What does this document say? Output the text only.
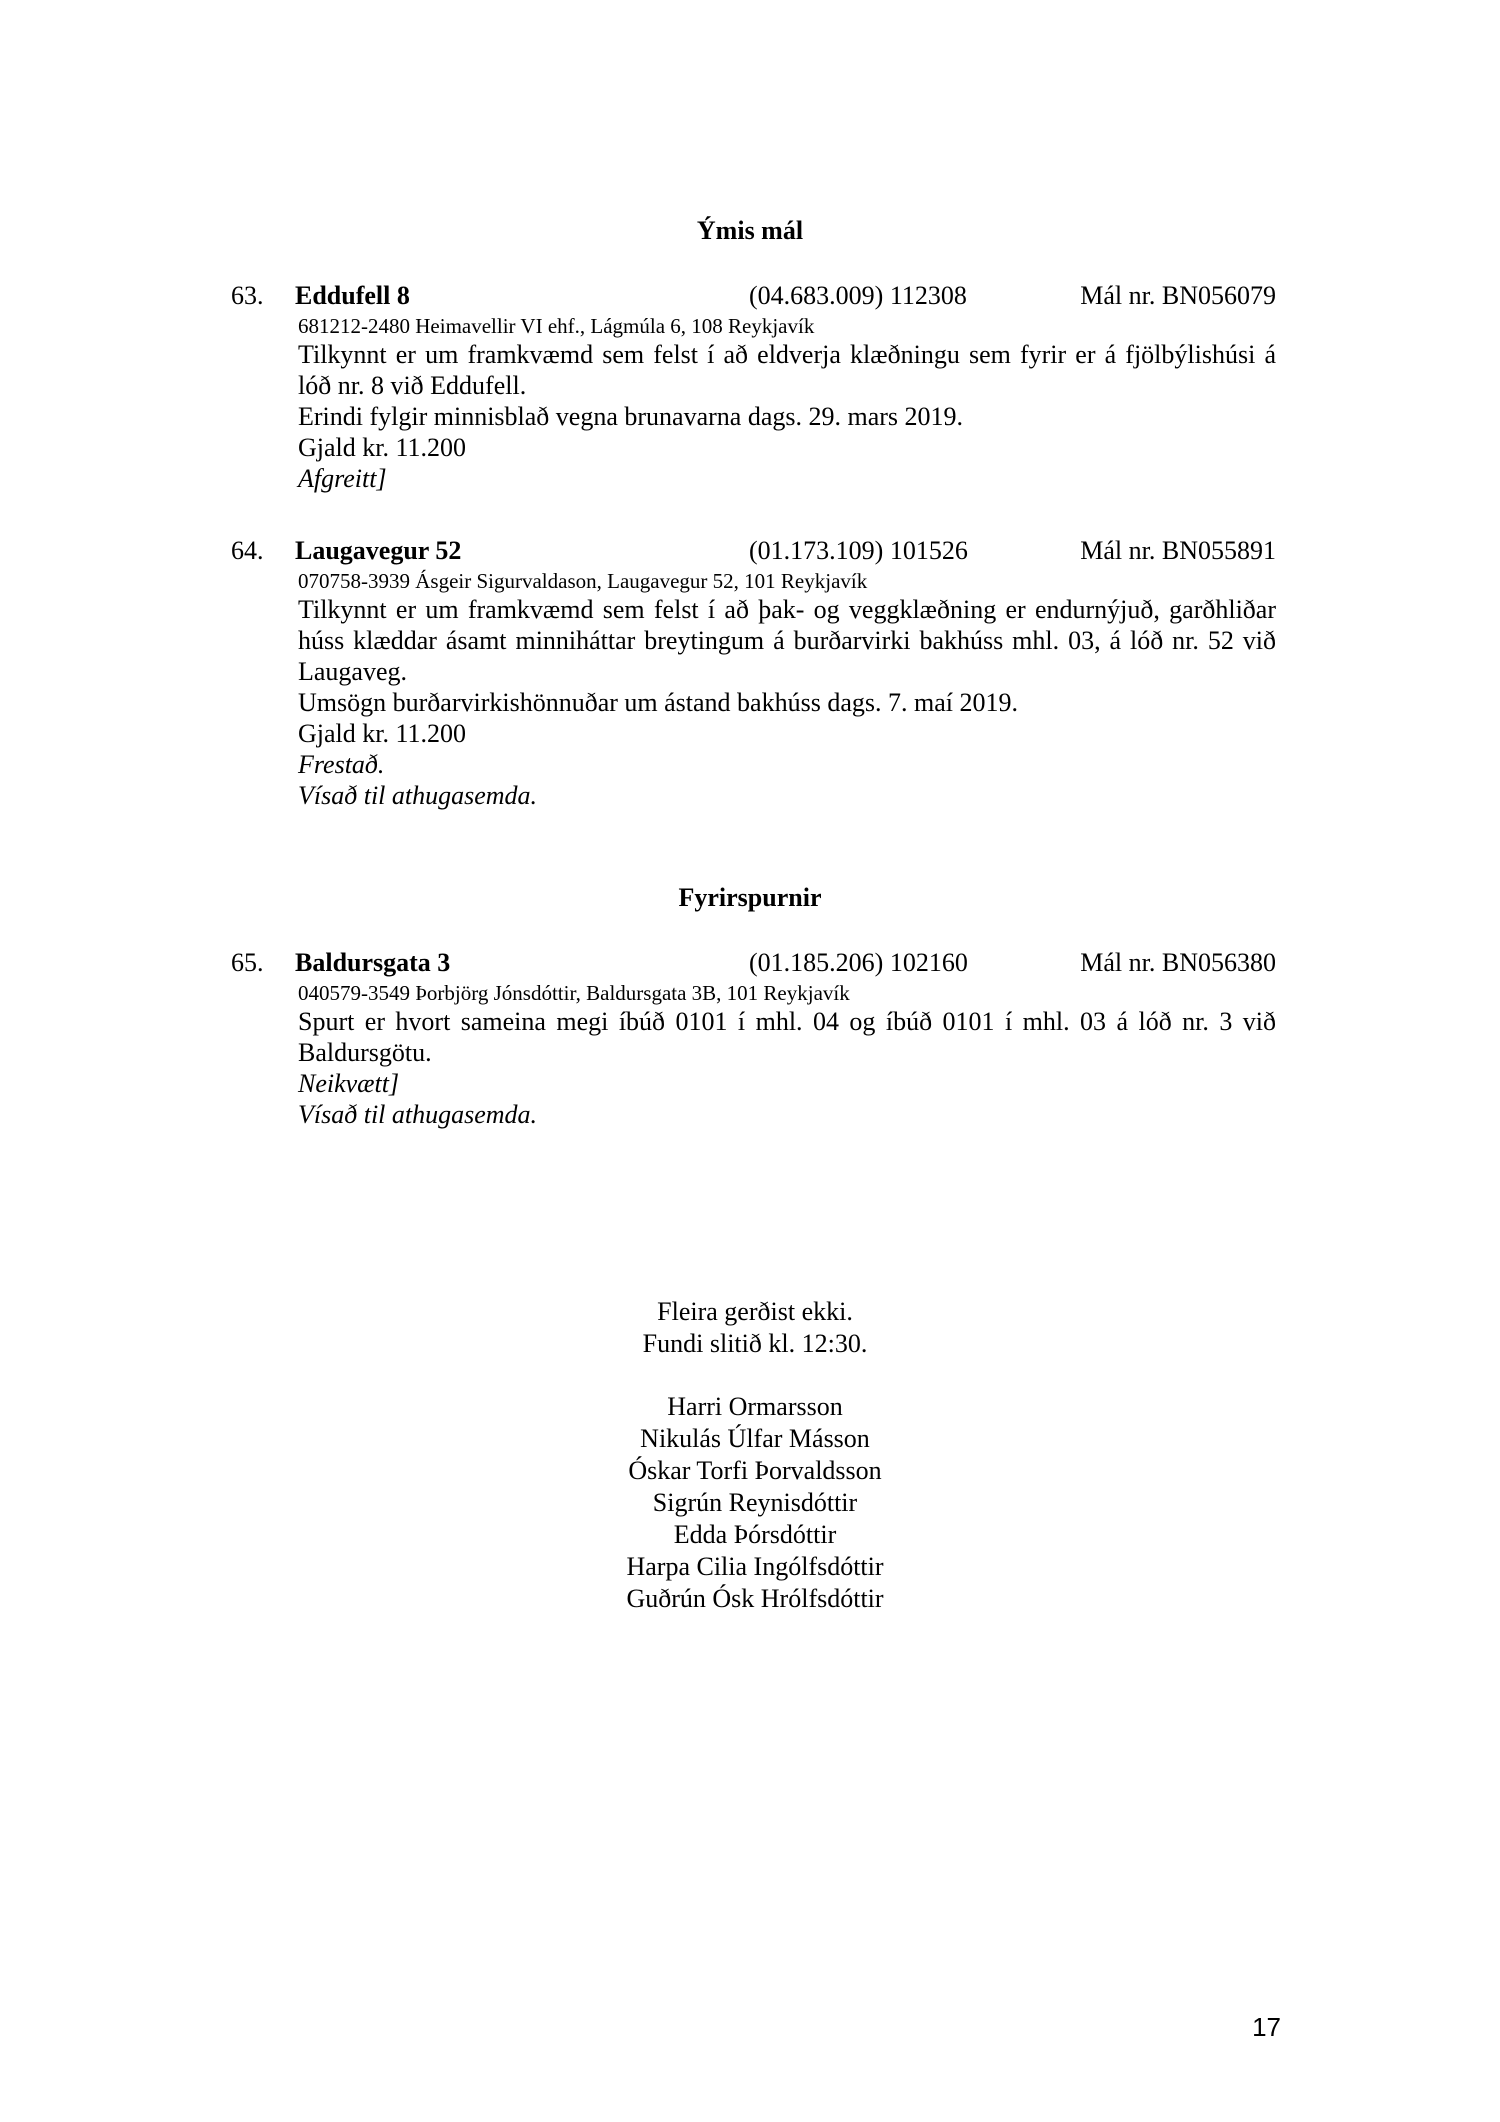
Ýmis mál
63. Eddufell 8	(04.683.009) 112308	Mál nr. BN056079
681212-2480 Heimavellir VI ehf., Lágmúla 6, 108 Reykjavík
Tilkynnt er um framkvæmd sem felst í að eldverja klæðningu sem fyrir er á fjölbýlishúsi á lóð nr. 8 við Eddufell.
Erindi fylgir minnisblað vegna brunavarna dags. 29. mars 2019.
Gjald kr. 11.200
Afgreitt]
64. Laugavegur 52	(01.173.109) 101526	Mál nr. BN055891
070758-3939 Ásgeir Sigurvaldason, Laugavegur 52, 101 Reykjavík
Tilkynnt er um framkvæmd sem felst í að þak- og veggklæðning er endurnýjuð, garðhliðar húss klæddar ásamt minniháttar breytingum á burðarvirki bakhúss mhl. 03, á lóð nr. 52 við Laugaveg.
Umsögn burðarvirkishönnuðar um ástand bakhúss dags. 7. maí 2019.
Gjald kr. 11.200
Frestað.
Vísað til athugasemda.
Fyrirspurnir
65. Baldursgata 3	(01.185.206) 102160	Mál nr. BN056380
040579-3549 Þorbjörg Jónsdóttir, Baldursgata 3B, 101 Reykjavík
Spurt er hvort sameina megi íbúð 0101 í mhl. 04 og íbúð 0101 í mhl. 03 á lóð nr. 3 við Baldursgötu.
Neikvætt]
Vísað til athugasemda.
Fleira gerðist ekki.
Fundi slitið kl. 12:30.
Harri Ormarsson
Nikulás Úlfar Másson
Óskar Torfi Þorvaldsson
Sigrún Reynisdóttir
Edda Þórsdóttir
Harpa Cilia Ingólfsdóttir
Guðrún Ósk Hrólfsdóttir
17
